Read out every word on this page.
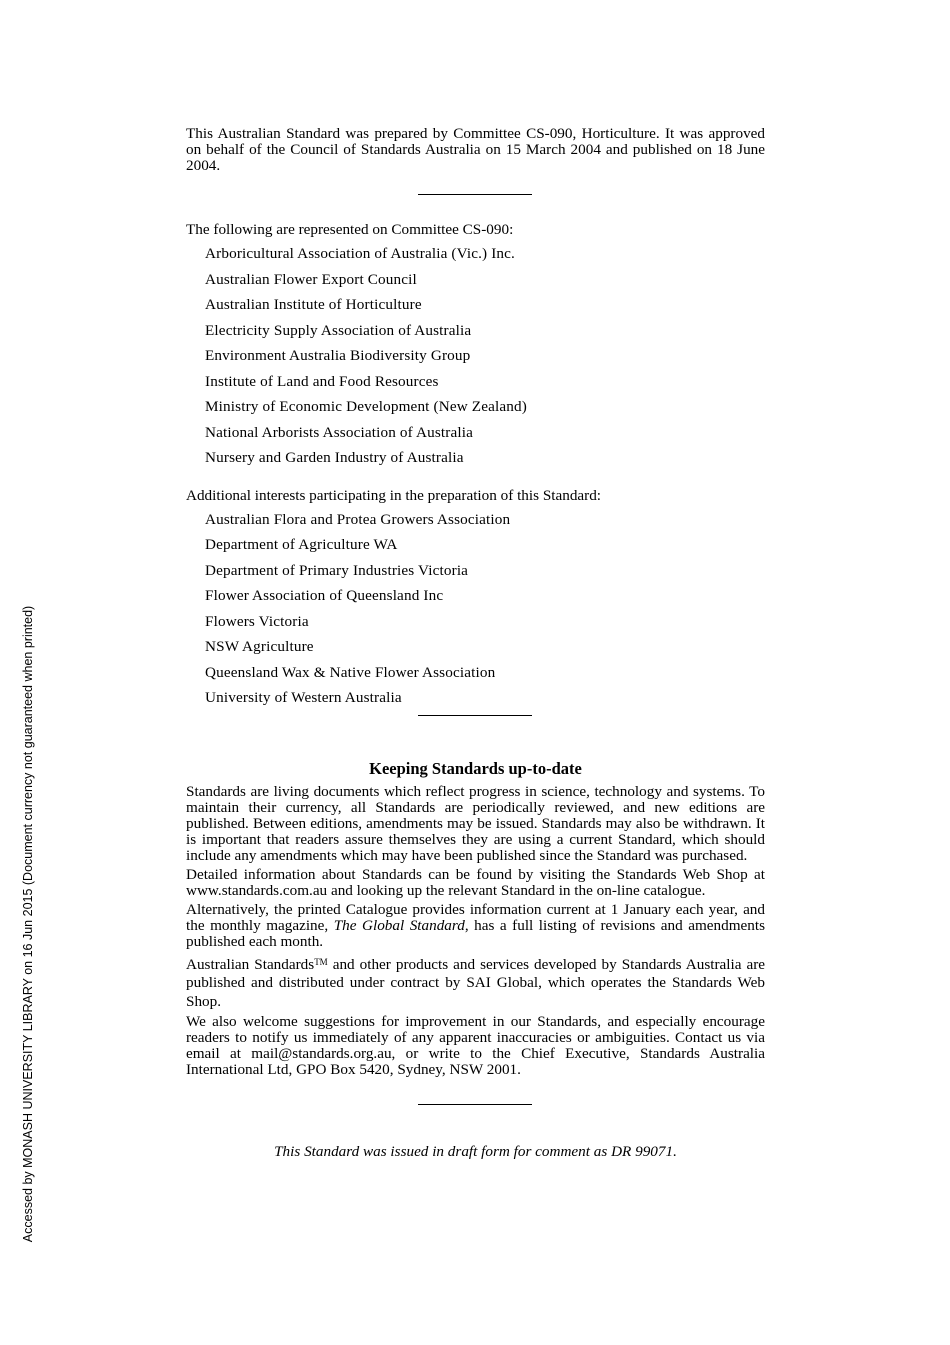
Accessed by MONASH UNIVERSITY LIBRARY on 16 Jun 2015 (Document currency not guaranteed when printed)

This Australian Standard was prepared by Committee CS-090, Horticulture. It was approved on behalf of the Council of Standards Australia on 15 March 2004 and published on 18 June 2004.

The following are represented on Committee CS-090:

Arboricultural Association of Australia (Vic.) Inc.
Australian Flower Export Council
Australian Institute of Horticulture
Electricity Supply Association of Australia
Environment Australia Biodiversity Group
Institute of Land and Food Resources
Ministry of Economic Development (New Zealand)
National Arborists Association of Australia
Nursery and Garden Industry of Australia

Additional interests participating in the preparation of this Standard:

Australian Flora and Protea Growers Association
Department of Agriculture WA
Department of Primary Industries Victoria
Flower Association of Queensland Inc
Flowers Victoria
NSW Agriculture
Queensland Wax & Native Flower Association
University of Western Australia
Keeping Standards up-to-date

Standards are living documents which reflect progress in science, technology and systems. To maintain their currency, all Standards are periodically reviewed, and new editions are published. Between editions, amendments may be issued. Standards may also be withdrawn. It is important that readers assure themselves they are using a current Standard, which should include any amendments which may have been published since the Standard was purchased.

Detailed information about Standards can be found by visiting the Standards Web Shop at www.standards.com.au and looking up the relevant Standard in the on-line catalogue.

Alternatively, the printed Catalogue provides information current at 1 January each year, and the monthly magazine, The Global Standard, has a full listing of revisions and amendments published each month.

Australian Standards™ and other products and services developed by Standards Australia are published and distributed under contract by SAI Global, which operates the Standards Web Shop.

We also welcome suggestions for improvement in our Standards, and especially encourage readers to notify us immediately of any apparent inaccuracies or ambiguities. Contact us via email at mail@standards.org.au, or write to the Chief Executive, Standards Australia International Ltd, GPO Box 5420, Sydney, NSW 2001.

This Standard was issued in draft form for comment as DR 99071.
